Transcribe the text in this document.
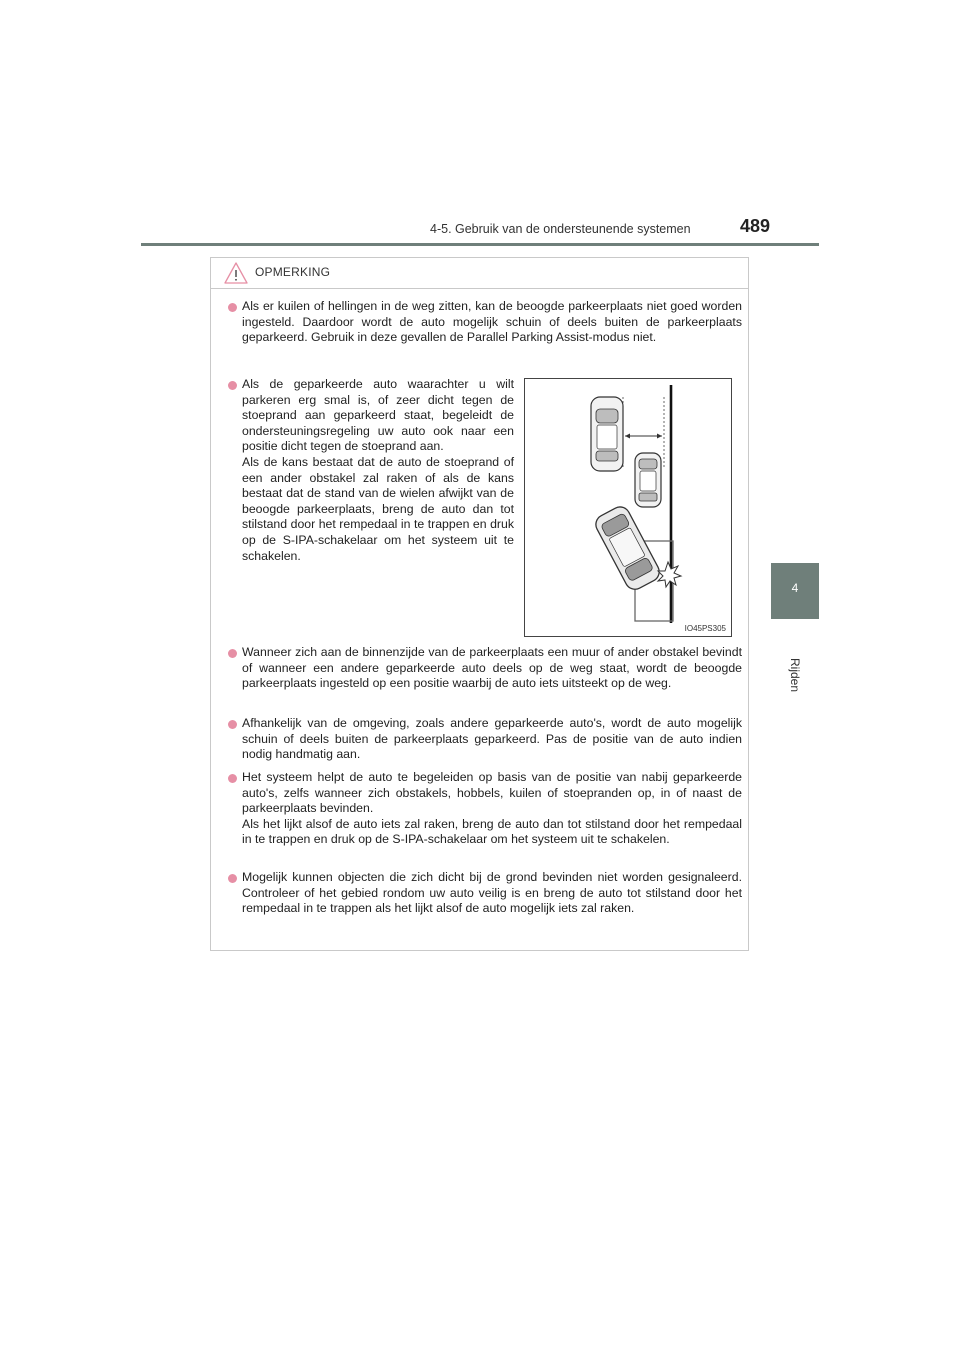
4-5. Gebruik van de ondersteunende systemen	489
4
Rijden
OPMERKING

Als er kuilen of hellingen in de weg zitten, kan de beoogde parkeerplaats niet goed worden ingesteld. Daardoor wordt de auto mogelijk schuin of deels buiten de parkeerplaats geparkeerd. Gebruik in deze gevallen de Parallel Parking Assist-modus niet.

Als de geparkeerde auto waarachter u wilt parkeren erg smal is, of zeer dicht tegen de stoeprand aan geparkeerd staat, begeleidt de ondersteuningsregeling uw auto ook naar een positie dicht tegen de stoeprand aan.

Als de kans bestaat dat de auto de stoeprand of een ander obstakel zal raken of als de kans bestaat dat de stand van de wielen afwijkt van de beoogde parkeerplaats, breng de auto dan tot stilstand door het rempedaal in te trappen en druk op de S-IPA-schakelaar om het systeem uit te schakelen.

IO45PS305

Wanneer zich aan de binnenzijde van de parkeerplaats een muur of ander obstakel bevindt of wanneer een andere geparkeerde auto deels op de weg staat, wordt de beoogde parkeerplaats ingesteld op een positie waarbij de auto iets uitsteekt op de weg.

Afhankelijk van de omgeving, zoals andere geparkeerde auto's, wordt de auto mogelijk schuin of deels buiten de parkeerplaats geparkeerd. Pas de positie van de auto indien nodig handmatig aan.

Het systeem helpt de auto te begeleiden op basis van de positie van nabij geparkeerde auto's, zelfs wanneer zich obstakels, hobbels, kuilen of stoepranden op, in of naast de parkeerplaats bevinden.

Als het lijkt alsof de auto iets zal raken, breng de auto dan tot stilstand door het rempedaal in te trappen en druk op de S-IPA-schakelaar om het systeem uit te schakelen.

Mogelijk kunnen objecten die zich dicht bij de grond bevinden niet worden gesignaleerd. Controleer of het gebied rondom uw auto veilig is en breng de auto tot stilstand door het rempedaal in te trappen als het lijkt alsof de auto mogelijk iets zal raken.
